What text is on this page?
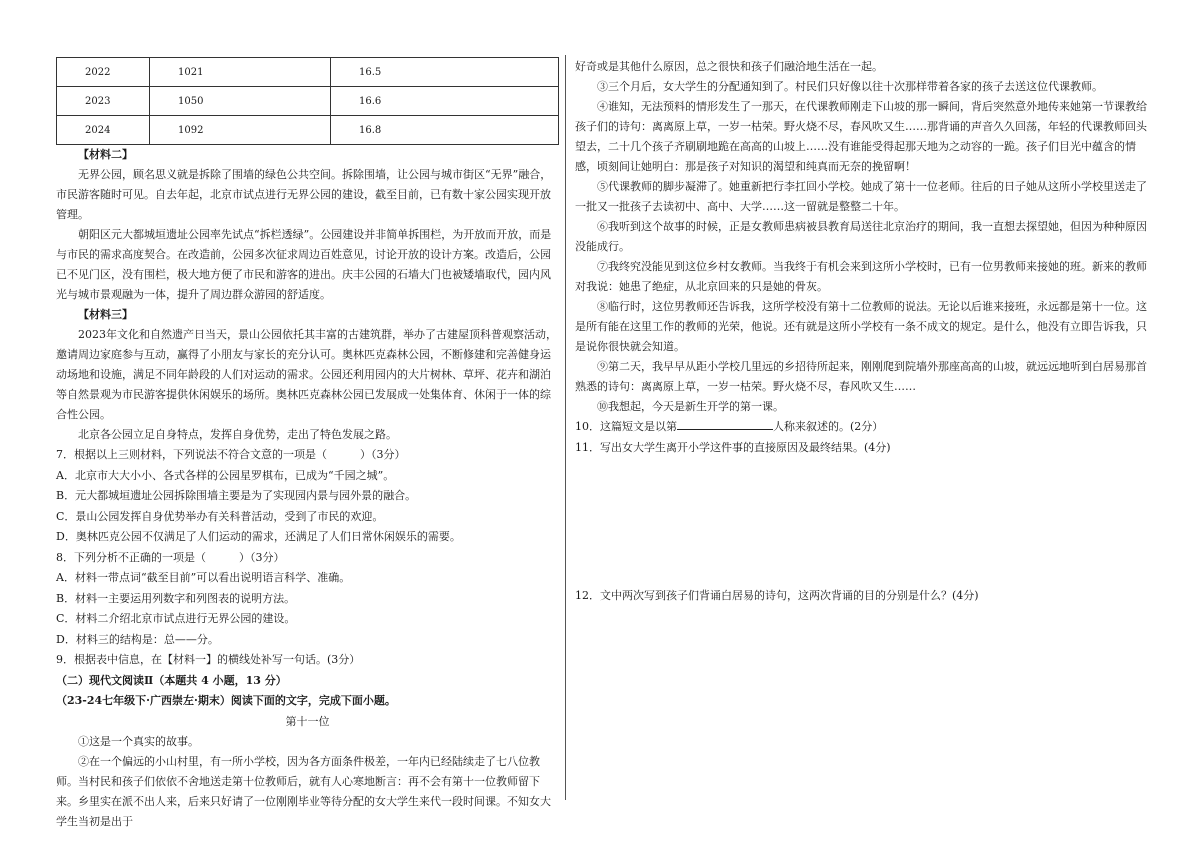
2022	1021	16.5
2023	1050	16.6
2024	1092	16.8

【材料二】

无界公园，顾名思义就是拆除了围墙的绿色公共空间。拆除围墙，让公园与城市街区“无界”融合，市民游客随时可见。自去年起，北京市试点进行无界公园的建设，截至目前，已有数十家公园实现开放管理。

朝阳区元大都城垣遗址公园率先试点“拆栏透绿”。公园建设并非简单拆围栏，为开放而开放，而是与市民的需求高度契合。在改造前，公园多次征求周边百姓意见，讨论开放的设计方案。改造后，公园已不见门区，没有围栏，极大地方便了市民和游客的进出。庆丰公园的石墙大门也被矮墙取代，园内风光与城市景观融为一体，提升了周边群众游园的舒适度。

【材料三】

2023年文化和自然遗产日当天，景山公园依托其丰富的古建筑群，举办了古建屋顶科普观察活动，邀请周边家庭参与互动，赢得了小朋友与家长的充分认可。奥林匹克森林公园，不断修建和完善健身运动场地和设施，满足不同年龄段的人们对运动的需求。公园还利用园内的大片树林、草坪、花卉和湖泊等自然景观为市民游客提供休闲娱乐的场所。奥林匹克森林公园已发展成一处集体育、休闲于一体的综合性公园。

北京各公园立足自身特点，发挥自身优势，走出了特色发展之路。

7．根据以上三则材料，下列说法不符合文意的一项是（　　　）（3分）

A．北京市大大小小、各式各样的公园星罗棋布，已成为“千园之城”。

B．元大都城垣遗址公园拆除围墙主要是为了实现园内景与园外景的融合。

C．景山公园发挥自身优势举办有关科普活动，受到了市民的欢迎。

D．奥林匹克公园不仅满足了人们运动的需求，还满足了人们日常休闲娱乐的需要。

8．下列分析不正确的一项是（　　　）（3分）

A．材料一带点词“截至目前”可以看出说明语言科学、准确。

B．材料一主要运用列数字和列图表的说明方法。

C．材料二介绍北京市试点进行无界公园的建设。

D．材料三的结构是：总——分。

9．根据表中信息，在【材料一】的横线处补写一句话。(3分）

（二）现代文阅读Ⅱ（本题共 4 小题，13 分）

（23-24七年级下·广西崇左·期末）阅读下面的文字，完成下面小题。

第十一位

①这是一个真实的故事。

②在一个偏远的小山村里，有一所小学校，因为各方面条件极差，一年内已经陆续走了七八位教师。当村民和孩子们依依不舍地送走第十位教师后，就有人心寒地断言：再不会有第十一位教师留下来。乡里实在派不出人来，后来只好请了一位刚刚毕业等待分配的女大学生来代一段时间课。不知女大学生当初是出于

好奇或是其他什么原因，总之很快和孩子们融洽地生活在一起。

③三个月后，女大学生的分配通知到了。村民们只好像以往十次那样带着各家的孩子去送这位代课教师。

④谁知，无法预料的情形发生了一那天，在代课教师刚走下山坡的那一瞬间，背后突然意外地传来她第一节课教给孩子们的诗句：离离原上草，一岁一枯荣。野火烧不尽，春风吹又生……那背诵的声音久久回荡，年轻的代课教师回头望去，二十几个孩子齐刷刷地跪在高高的山坡上……没有谁能受得起那天地为之动容的一跪。孩子们目光中蕴含的情感，顷刻间让她明白：那是孩子对知识的渴望和纯真而无奈的挽留啊！

⑤代课教师的脚步凝滞了。她重新把行李扛回小学校。她成了第十一位老师。往后的日子她从这所小学校里送走了一批又一批孩子去读初中、高中、大学……这一留就是整整二十年。

⑥我听到这个故事的时候，正是女教师患病被县教育局送往北京治疗的期间，我一直想去探望她，但因为种种原因没能成行。

⑦我终究没能见到这位乡村女教师。当我终于有机会来到这所小学校时，已有一位男教师来接她的班。新来的教师对我说：她患了绝症，从北京回来的只是她的骨灰。

⑧临行时，这位男教师还告诉我，这所学校没有第十二位教师的说法。无论以后谁来接班，永远都是第十一位。这是所有能在这里工作的教师的光荣，他说。还有就是这所小学校有一条不成文的规定。是什么，他没有立即告诉我，只是说你很快就会知道。

⑨第二天，我早早从距小学校几里远的乡招待所起来，刚刚爬到院墙外那座高高的山坡，就远远地听到白居易那首熟悉的诗句：离离原上草，一岁一枯荣。野火烧不尽，春风吹又生……

⑩我想起，今天是新生开学的第一课。

10．这篇短文是以第	人称来叙述的。(2分）

11．写出女大学生离开小学这件事的直接原因及最终结果。(4分)

12．文中两次写到孩子们背诵白居易的诗句，这两次背诵的目的分别是什么？(4分)
